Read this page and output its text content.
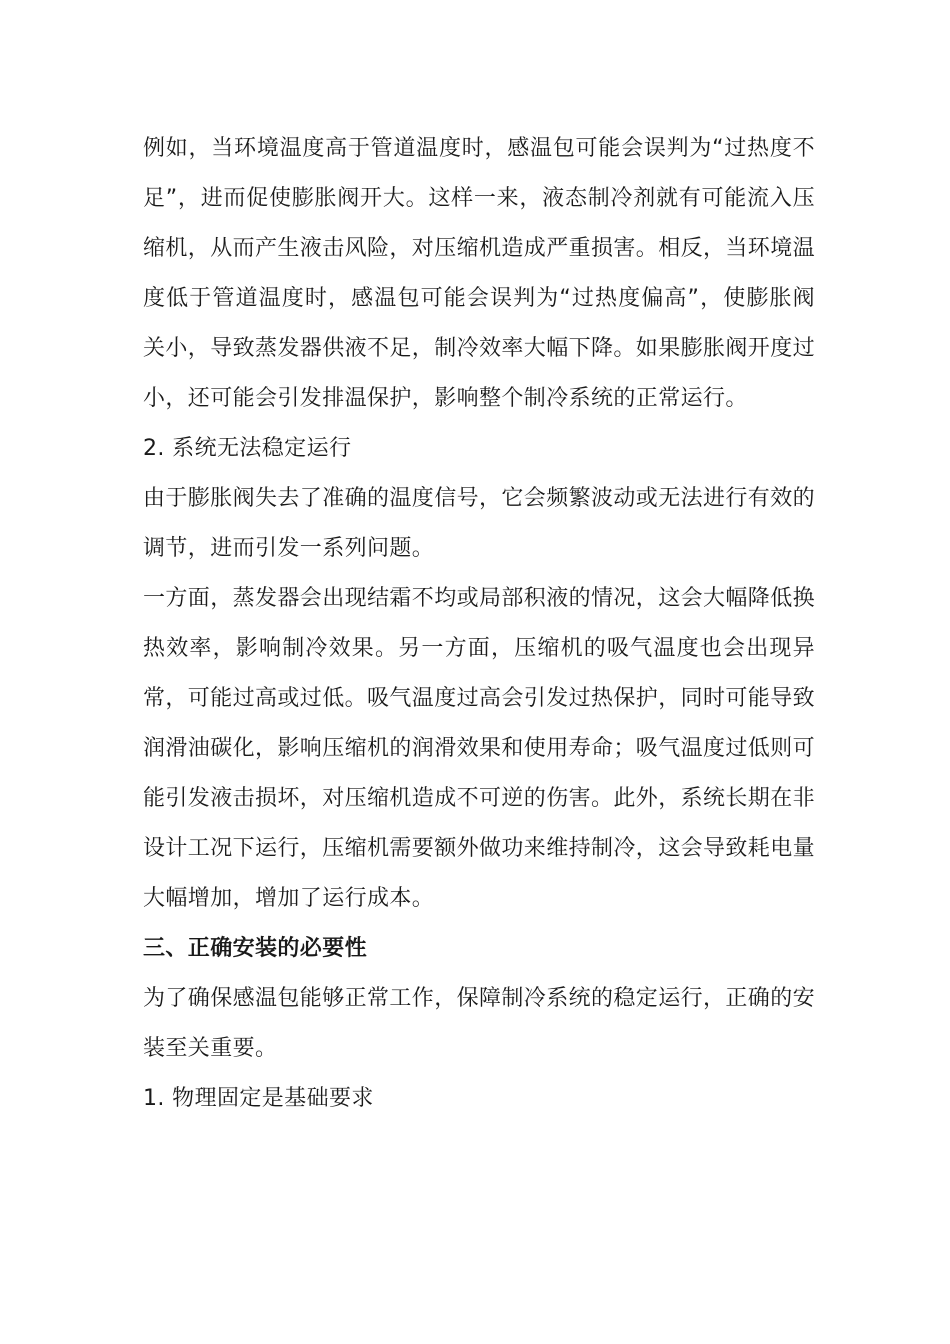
例如，当环境温度高于管道温度时，感温包可能会误判为“过热度不足”，进而促使膨胀阀开大。这样一来，液态制冷剂就有可能流入压缩机，从而产生液击风险，对压缩机造成严重损害。相反，当环境温度低于管道温度时，感温包可能会误判为“过热度偏高”，使膨胀阀关小，导致蒸发器供液不足，制冷效率大幅下降。如果膨胀阀开度过小，还可能会引发排温保护，影响整个制冷系统的正常运行。

2. 系统无法稳定运行

由于膨胀阀失去了准确的温度信号，它会频繁波动或无法进行有效的调节，进而引发一系列问题。

一方面，蒸发器会出现结霜不均或局部积液的情况，这会大幅降低换热效率，影响制冷效果。另一方面，压缩机的吸气温度也会出现异常，可能过高或过低。吸气温度过高会引发过热保护，同时可能导致润滑油碳化，影响压缩机的润滑效果和使用寿命；吸气温度过低则可能引发液击损坏，对压缩机造成不可逆的伤害。此外，系统长期在非设计工况下运行，压缩机需要额外做功来维持制冷，这会导致耗电量大幅增加，增加了运行成本。

三、正确安装的必要性

为了确保感温包能够正常工作，保障制冷系统的稳定运行，正确的安装至关重要。

1. 物理固定是基础要求
